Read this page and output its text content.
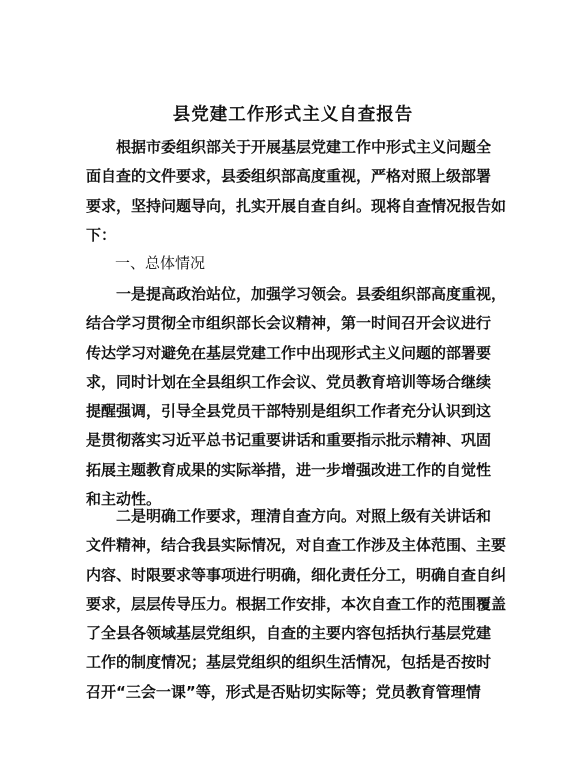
县党建工作形式主义自查报告
根据市委组织部关于开展基层党建工作中形式主义问题全
面自查的文件要求，县委组织部高度重视，严格对照上级部署
要求，坚持问题导向，扎实开展自查自纠。现将自查情况报告如
下：
一、总体情况
一是提高政治站位，加强学习领会。县委组织部高度重视，
结合学习贯彻全市组织部长会议精神，第一时间召开会议进行
传达学习对避免在基层党建工作中出现形式主义问题的部署要
求，同时计划在全县组织工作会议、党员教育培训等场合继续
提醒强调，引导全县党员干部特别是组织工作者充分认识到这
是贯彻落实习近平总书记重要讲话和重要指示批示精神、巩固
拓展主题教育成果的实际举措，进一步增强改进工作的自觉性
和主动性。
二是明确工作要求，理清自查方向。对照上级有关讲话和
文件精神，结合我县实际情况，对自查工作涉及主体范围、主要
内容、时限要求等事项进行明确，细化责任分工，明确自查自纠
要求，层层传导压力。根据工作安排，本次自查工作的范围覆盖
了全县各领域基层党组织，自查的主要内容包括执行基层党建
工作的制度情况；基层党组织的组织生活情况，包括是否按时
召开“三会一课”等，形式是否贴切实际等；党员教育管理情
